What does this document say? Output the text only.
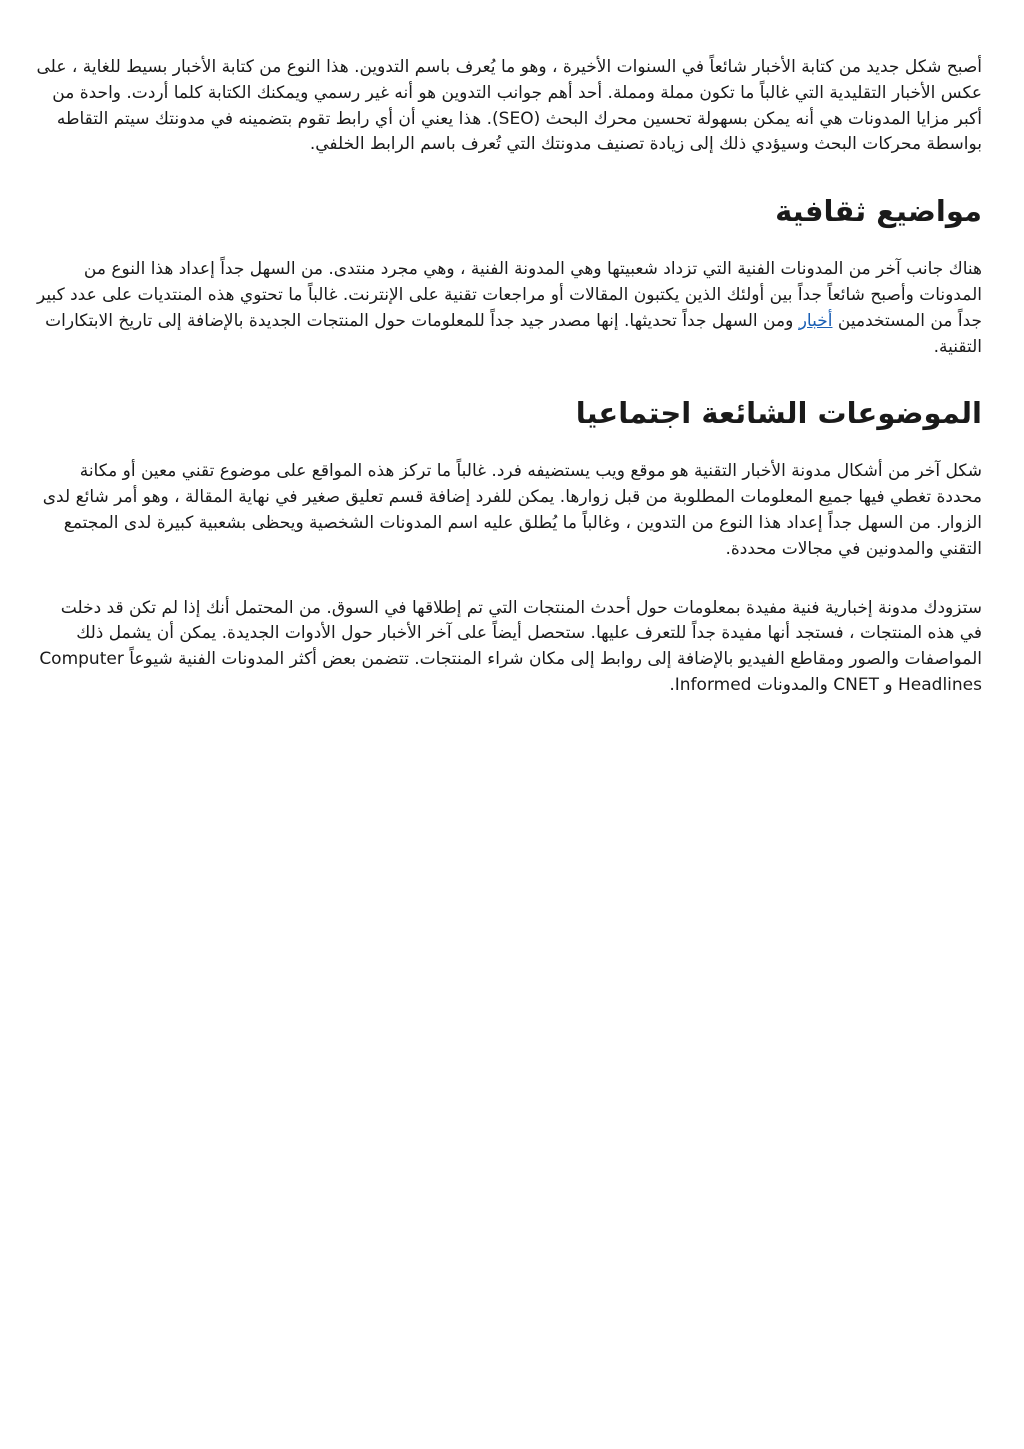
أصبح شكل جديد من كتابة الأخبار شائعاً في السنوات الأخيرة ، وهو ما يُعرف باسم التدوين. هذا النوع من كتابة الأخبار بسيط للغاية ، على عكس الأخبار التقليدية التي غالباً ما تكون مملة ومملة. أحد أهم جوانب التدوين هو أنه غير رسمي ويمكنك الكتابة كلما أردت. واحدة من أكبر مزايا المدونات هي أنه يمكن بسهولة تحسين محرك البحث (SEO). هذا يعني أن أي رابط تقوم بتضمينه في مدونتك سيتم التقاطه بواسطة محركات البحث وسيؤدي ذلك إلى زيادة تصنيف مدونتك التي تُعرف باسم الرابط الخلفي.

مواضيع ثقافية

هناك جانب آخر من المدونات الفنية التي تزداد شعبيتها وهي المدونة الفنية ، وهي مجرد منتدى. من السهل جداً إعداد هذا النوع من المدونات وأصبح شائعاً جداً بين أولئك الذين يكتبون المقالات أو مراجعات تقنية على الإنترنت. غالباً ما تحتوي هذه المنتديات على عدد كبير جداً من المستخدمين أخبار ومن السهل جداً تحديثها. إنها مصدر جيد جداً للمعلومات حول المنتجات الجديدة بالإضافة إلى تاريخ الابتكارات التقنية.

الموضوعات الشائعة اجتماعيا

شكل آخر من أشكال مدونة الأخبار التقنية هو موقع ويب يستضيفه فرد. غالباً ما تركز هذه المواقع على موضوع تقني معين أو مكانة محددة تغطي فيها جميع المعلومات المطلوبة من قبل زوارها. يمكن للفرد إضافة قسم تعليق صغير في نهاية المقالة ، وهو أمر شائع لدى الزوار. من السهل جداً إعداد هذا النوع من التدوين ، وغالباً ما يُطلق عليه اسم المدونات الشخصية ويحظى بشعبية كبيرة لدى المجتمع التقني والمدونين في مجالات محددة.

ستزودك مدونة إخبارية فنية مفيدة بمعلومات حول أحدث المنتجات التي تم إطلاقها في السوق. من المحتمل أنك إذا لم تكن قد دخلت في هذه المنتجات ، فستجد أنها مفيدة جداً للتعرف عليها. ستحصل أيضاً على آخر الأخبار حول الأدوات الجديدة. يمكن أن يشمل ذلك المواصفات والصور ومقاطع الفيديو بالإضافة إلى روابط إلى مكان شراء المنتجات. تتضمن بعض أكثر المدونات الفنية شيوعاً Computer Headlines و CNET والمدونات Informed.
